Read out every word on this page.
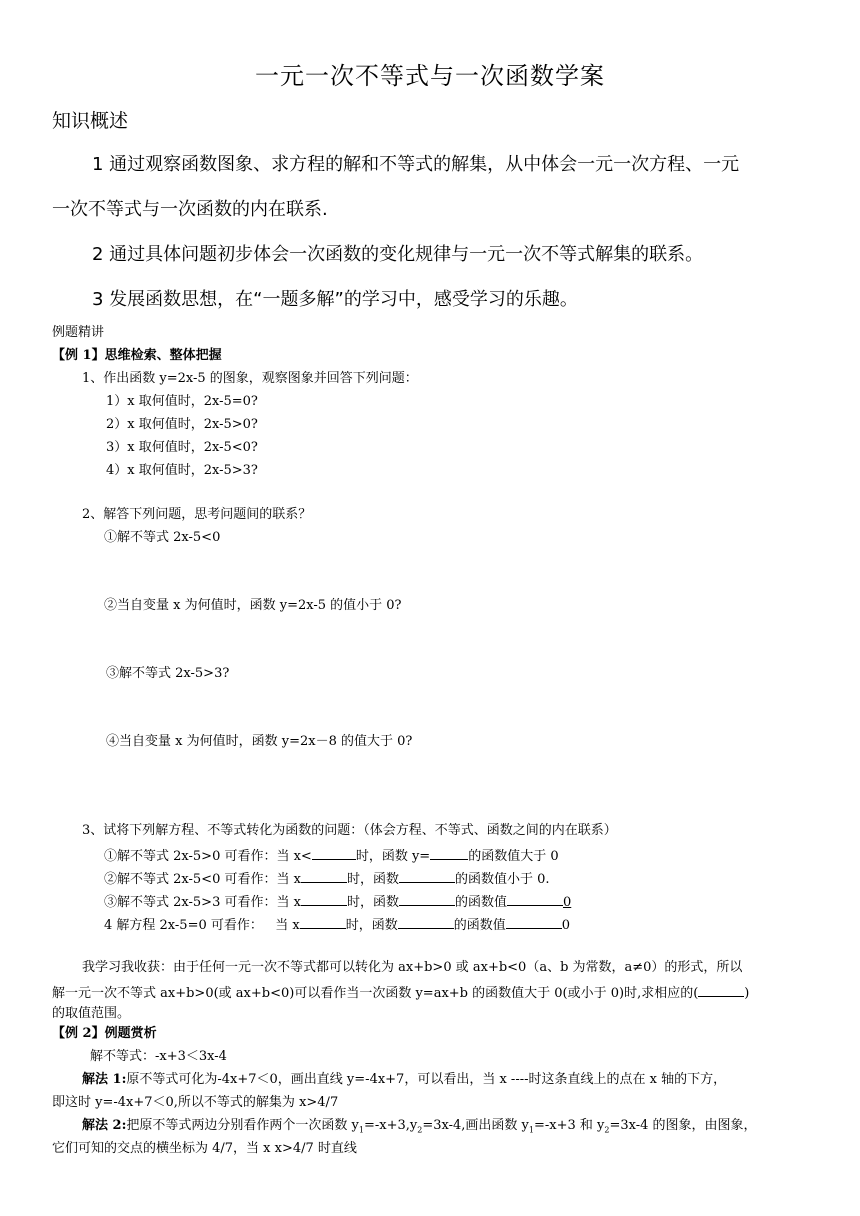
一元一次不等式与一次函数学案
知识概述
1 通过观察函数图象、求方程的解和不等式的解集，从中体会一元一次方程、一元
一次不等式与一次函数的内在联系.
2 通过具体问题初步体会一次函数的变化规律与一元一次不等式解集的联系。
3 发展函数思想，在“一题多解”的学习中，感受学习的乐趣。
例题精讲
【例 1】思维检索、整体把握
1、作出函数 y=2x-5 的图象，观察图象并回答下列问题：
1）x 取何值时，2x-5=0?
2）x 取何值时，2x-5>0?
3）x 取何值时，2x-5<0?
4）x 取何值时，2x-5>3?
2、解答下列问题，思考问题间的联系？
①解不等式 2x-5<0
②当自变量 x 为何值时，函数 y=2x-5 的值小于 0?
③解不等式 2x-5>3?
④当自变量 x 为何值时，函数 y=2x－8 的值大于 0?
3、试将下列解方程、不等式转化为函数的问题：（体会方程、不等式、函数之间的内在联系）
①解不等式 2x-5>0 可看作：当 x<	时，函数 y=	的函数值大于 0
②解不等式 2x-5<0 可看作：当 x	时，函数	的函数值小于 0.
③解不等式 2x-5>3 可看作：当 x	时，函数	的函数值	0
4 解方程 2x-5=0 可看作： 当 x	时，函数	的函数值	0
我学习我收获：由于任何一元一次不等式都可以转化为 ax+b>0 或 ax+b<0（a、b 为常数，a≠0）的形式，所以
解一元一次不等式 ax+b>0(或 ax+b<0)可以看作当一次函数 y=ax+b 的函数值大于 0(或小于 0)时,求相应的(	)
的取值范围。
【例 2】例题赏析
解不等式：-x+3＜3x-4
解法 1:原不等式可化为-4x+7＜0，画出直线 y=-4x+7，可以看出，当 x ----时这条直线上的点在 x 轴的下方，
即这时 y=-4x+7＜0,所以不等式的解集为 x>4/7
解法 2:把原不等式两边分别看作两个一次函数 $y_1=-x+3,y_2=3x-4$,画出函数 $y_1=-x+3$ 和 $y_2=3x-4$ 的图象，由图象，
它们可知的交点的横坐标为 4/7，当 x x>4/7 时直线
